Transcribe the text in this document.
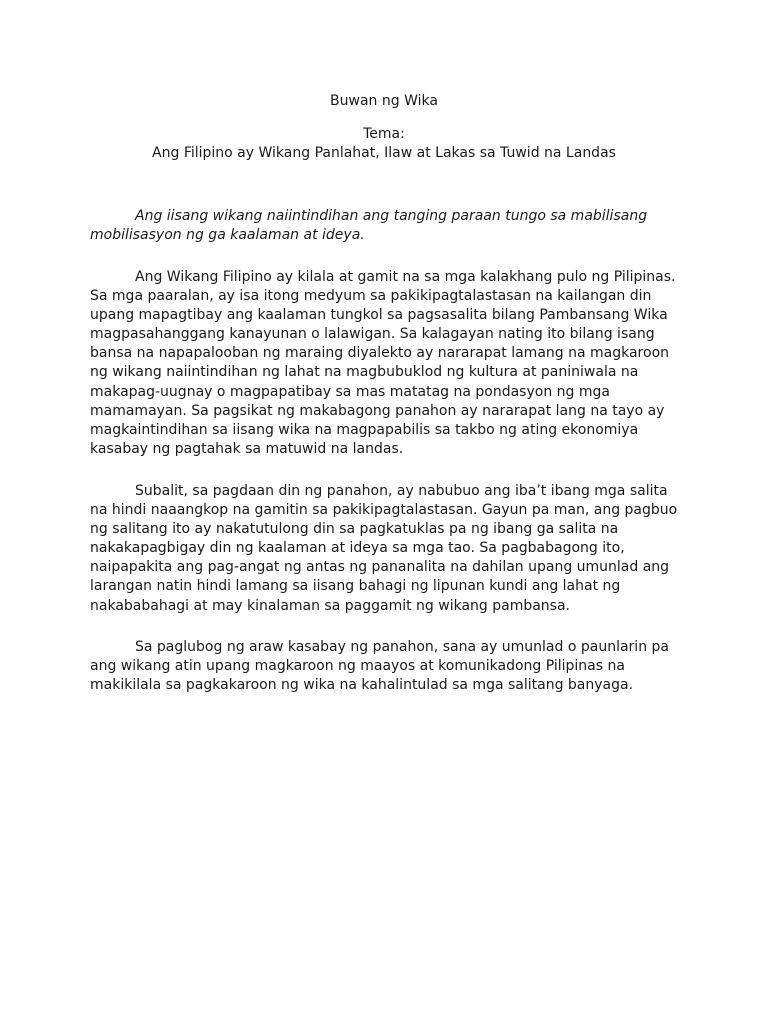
Buwan ng Wika

Tema:

Ang Filipino ay Wikang Panlahat, Ilaw at Lakas sa Tuwid na Landas

Ang iisang wikang naiintindihan ang tanging paraan tungo sa mabilisang mobilisasyon ng ga kaalaman at ideya.

Ang Wikang Filipino ay kilala at gamit na sa mga kalakhang pulo ng Pilipinas. Sa mga paaralan, ay isa itong medyum sa pakikipagtalastasan na kailangan din upang mapagtibay ang kaalaman tungkol sa pagsasalita bilang Pambansang Wika magpasahanggang kanayunan o lalawigan. Sa kalagayan nating ito bilang isang bansa na napapalooban ng maraing diyalekto ay nararapat lamang na magkaroon ng wikang naiintindihan ng lahat na magbubuklod ng kultura at paniniwala na makapag-uugnay o magpapatibay sa mas matatag na pondasyon ng mga mamamayan. Sa pagsikat ng makabagong panahon ay nararapat lang na tayo ay magkaintindihan sa iisang wika na magpapabilis sa takbo ng ating ekonomiya kasabay ng pagtahak sa matuwid na landas.

Subalit, sa pagdaan din ng panahon, ay nabubuo ang iba’t ibang mga salita na hindi naaangkop na gamitin sa pakikipagtalastasan. Gayun pa man, ang pagbuo ng salitang ito ay nakatutulong din sa pagkatuklas pa ng ibang ga salita na nakakapagbigay din ng kaalaman at ideya sa mga tao. Sa pagbabagong ito, naipapakita ang pag-angat ng antas ng pananalita na dahilan upang umunlad ang larangan natin hindi lamang sa iisang bahagi ng lipunan kundi ang lahat ng nakababahagi at may kinalaman sa paggamit ng wikang pambansa.

Sa paglubog ng araw kasabay ng panahon, sana ay umunlad o paunlarin pa ang wikang atin upang magkaroon ng maayos at komunikadong Pilipinas na makikilala sa pagkakaroon ng wika na kahalintulad sa mga salitang banyaga.
